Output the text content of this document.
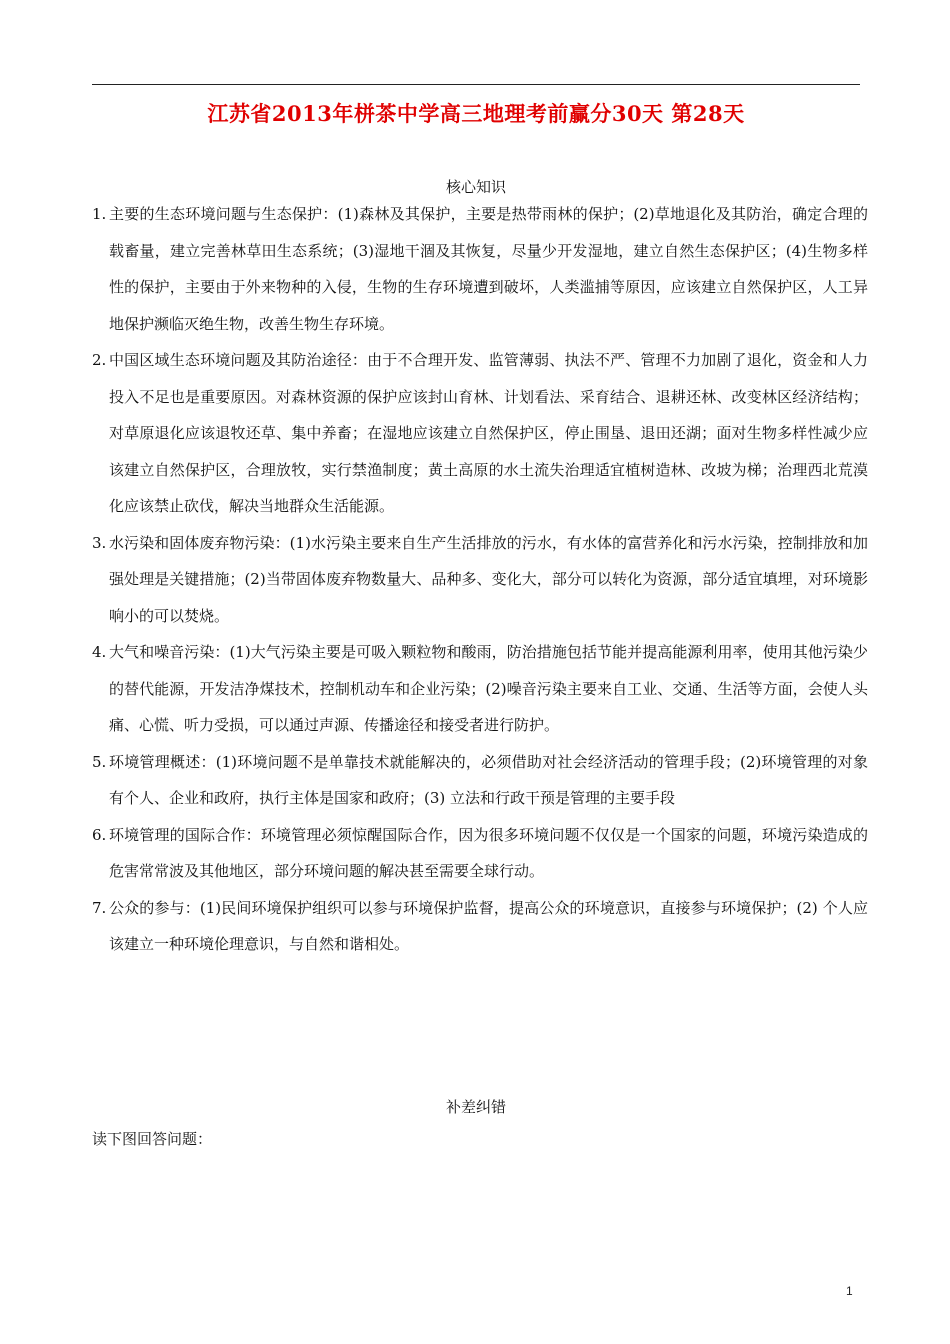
江苏省2013年栟茶中学高三地理考前赢分30天 第28天
核心知识
1. 主要的生态环境问题与生态保护：(1)森林及其保护，主要是热带雨林的保护；(2)草地退化及其防治，确定合理的载畜量，建立完善林草田生态系统；(3)湿地干涸及其恢复，尽量少开发湿地，建立自然生态保护区；(4)生物多样性的保护，主要由于外来物种的入侵，生物的生存环境遭到破坏，人类滥捕等原因，应该建立自然保护区，人工异地保护濒临灭绝生物，改善生物生存环境。
2. 中国区域生态环境问题及其防治途径：由于不合理开发、监管薄弱、执法不严、管理不力加剧了退化，资金和人力投入不足也是重要原因。对森林资源的保护应该封山育林、计划看法、采育结合、退耕还林、改变林区经济结构；对草原退化应该退牧还草、集中养畜；在湿地应该建立自然保护区，停止围垦、退田还湖；面对生物多样性减少应该建立自然保护区，合理放牧，实行禁渔制度；黄土高原的水土流失治理适宜植树造林、改坡为梯；治理西北荒漠化应该禁止砍伐，解决当地群众生活能源。
3. 水污染和固体废弃物污染：(1)水污染主要来自生产生活排放的污水，有水体的富营养化和污水污染，控制排放和加强处理是关键措施；(2)当带固体废弃物数量大、品种多、变化大，部分可以转化为资源，部分适宜填埋，对环境影响小的可以焚烧。
4. 大气和噪音污染：(1)大气污染主要是可吸入颗粒物和酸雨，防治措施包括节能并提高能源利用率，使用其他污染少的替代能源，开发洁净煤技术，控制机动车和企业污染；(2)噪音污染主要来自工业、交通、生活等方面，会使人头痛、心慌、听力受损，可以通过声源、传播途径和接受者进行防护。
5. 环境管理概述：(1)环境问题不是单靠技术就能解决的，必须借助对社会经济活动的管理手段；(2)环境管理的对象有个人、企业和政府，执行主体是国家和政府；(3) 立法和行政干预是管理的主要手段
6. 环境管理的国际合作：环境管理必须惊醒国际合作，因为很多环境问题不仅仅是一个国家的问题，环境污染造成的危害常常波及其他地区，部分环境问题的解决甚至需要全球行动。
7. 公众的参与：(1)民间环境保护组织可以参与环境保护监督，提高公众的环境意识，直接参与环境保护；(2) 个人应该建立一种环境伦理意识，与自然和谐相处。
补差纠错
读下图回答问题：
1
